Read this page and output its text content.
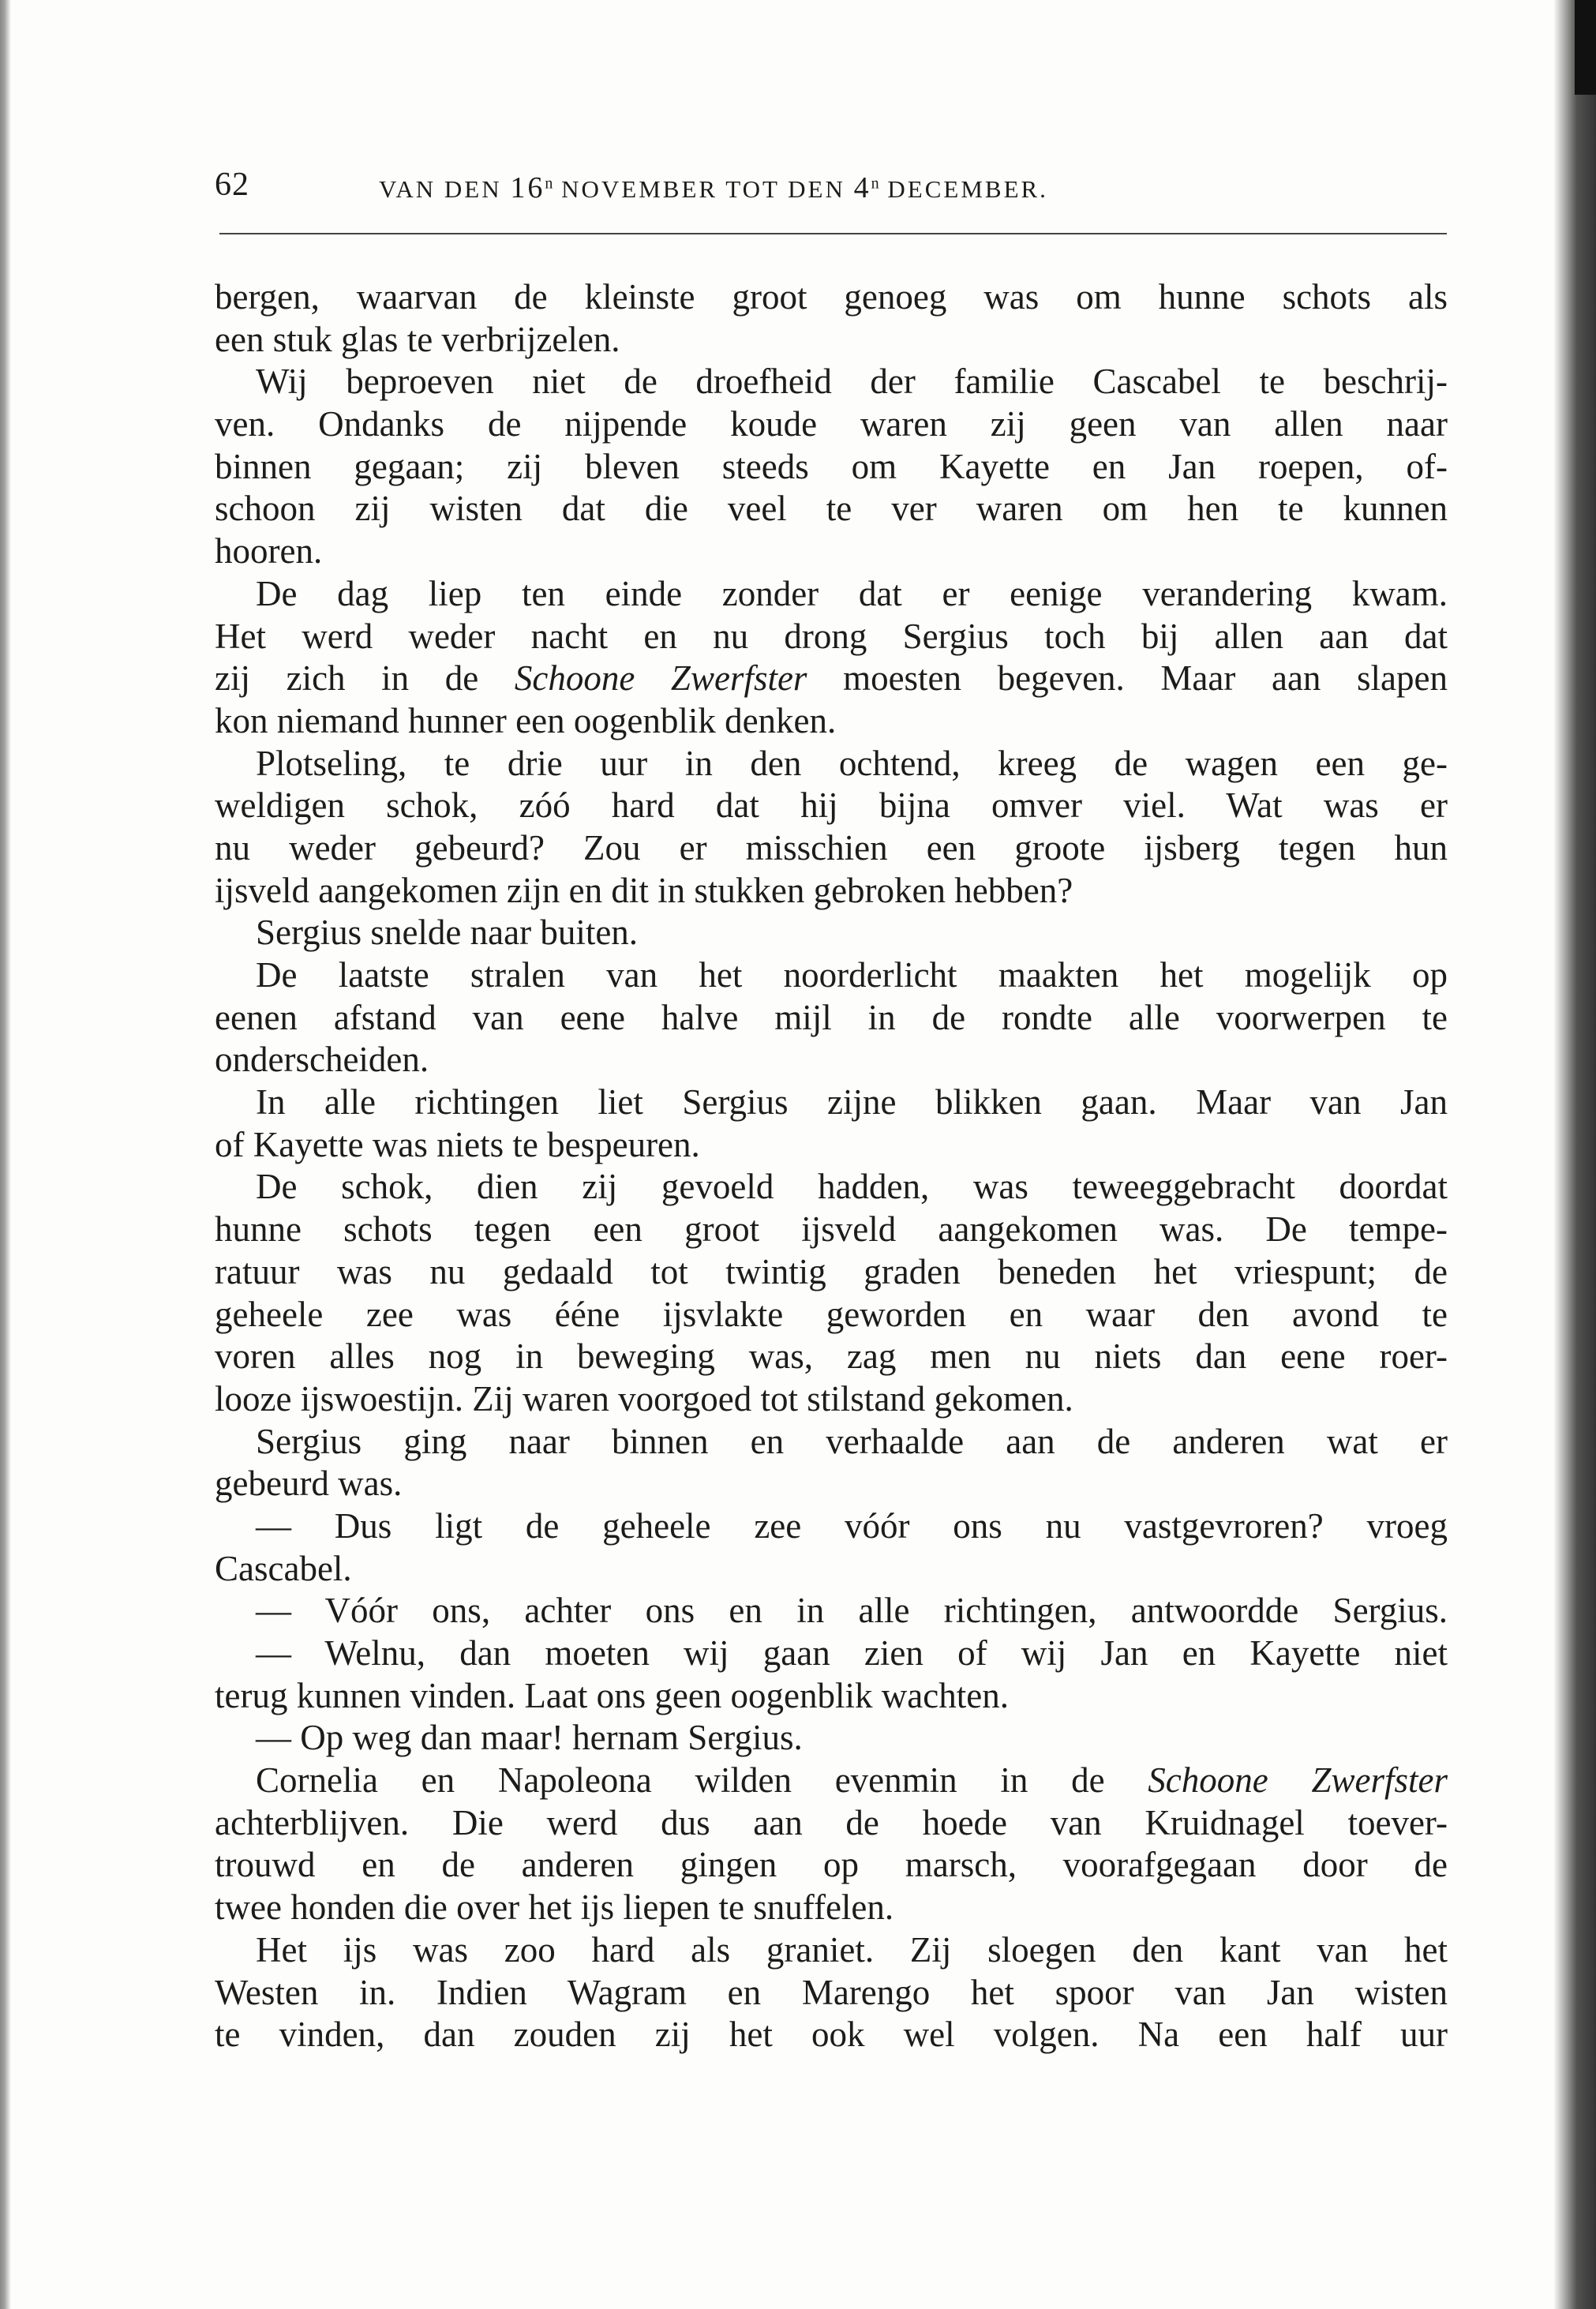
62	VAN DEN 16$^n$ NOVEMBER TOT DEN 4$^n$ DECEMBER.
bergen, waarvan de kleinste groot genoeg was om hunne schots als
een stuk glas te verbrijzelen.
Wij beproeven niet de droefheid der familie Cascabel te beschrij-
ven. Ondanks de nijpende koude waren zij geen van allen naar
binnen gegaan; zij bleven steeds om Kayette en Jan roepen, of-
schoon zij wisten dat die veel te ver waren om hen te kunnen
hooren.
De dag liep ten einde zonder dat er eenige verandering kwam.
Het werd weder nacht en nu drong Sergius toch bij allen aan dat
zij zich in de Schoone Zwerfster moesten begeven. Maar aan slapen
kon niemand hunner een oogenblik denken.
Plotseling, te drie uur in den ochtend, kreeg de wagen een ge-
weldigen schok, zóó hard dat hij bijna omver viel. Wat was er
nu weder gebeurd? Zou er misschien een groote ijsberg tegen hun
ijsveld aangekomen zijn en dit in stukken gebroken hebben?
Sergius snelde naar buiten.
De laatste stralen van het noorderlicht maakten het mogelijk op
eenen afstand van eene halve mijl in de rondte alle voorwerpen te
onderscheiden.
In alle richtingen liet Sergius zijne blikken gaan. Maar van Jan
of Kayette was niets te bespeuren.
De schok, dien zij gevoeld hadden, was teweeggebracht doordat
hunne schots tegen een groot ijsveld aangekomen was. De tempe-
ratuur was nu gedaald tot twintig graden beneden het vriespunt; de
geheele zee was ééne ijsvlakte geworden en waar den avond te
voren alles nog in beweging was, zag men nu niets dan eene roer-
looze ijswoestijn. Zij waren voorgoed tot stilstand gekomen.
Sergius ging naar binnen en verhaalde aan de anderen wat er
gebeurd was.
— Dus ligt de geheele zee vóór ons nu vastgevroren? vroeg
Cascabel.
— Vóór ons, achter ons en in alle richtingen, antwoordde Sergius.
— Welnu, dan moeten wij gaan zien of wij Jan en Kayette niet
terug kunnen vinden. Laat ons geen oogenblik wachten.
— Op weg dan maar! hernam Sergius.
Cornelia en Napoleona wilden evenmin in de Schoone Zwerfster
achterblijven. Die werd dus aan de hoede van Kruidnagel toever-
trouwd en de anderen gingen op marsch, voorafgegaan door de
twee honden die over het ijs liepen te snuffelen.
Het ijs was zoo hard als graniet. Zij sloegen den kant van het
Westen in. Indien Wagram en Marengo het spoor van Jan wisten
te vinden, dan zouden zij het ook wel volgen. Na een half uur
